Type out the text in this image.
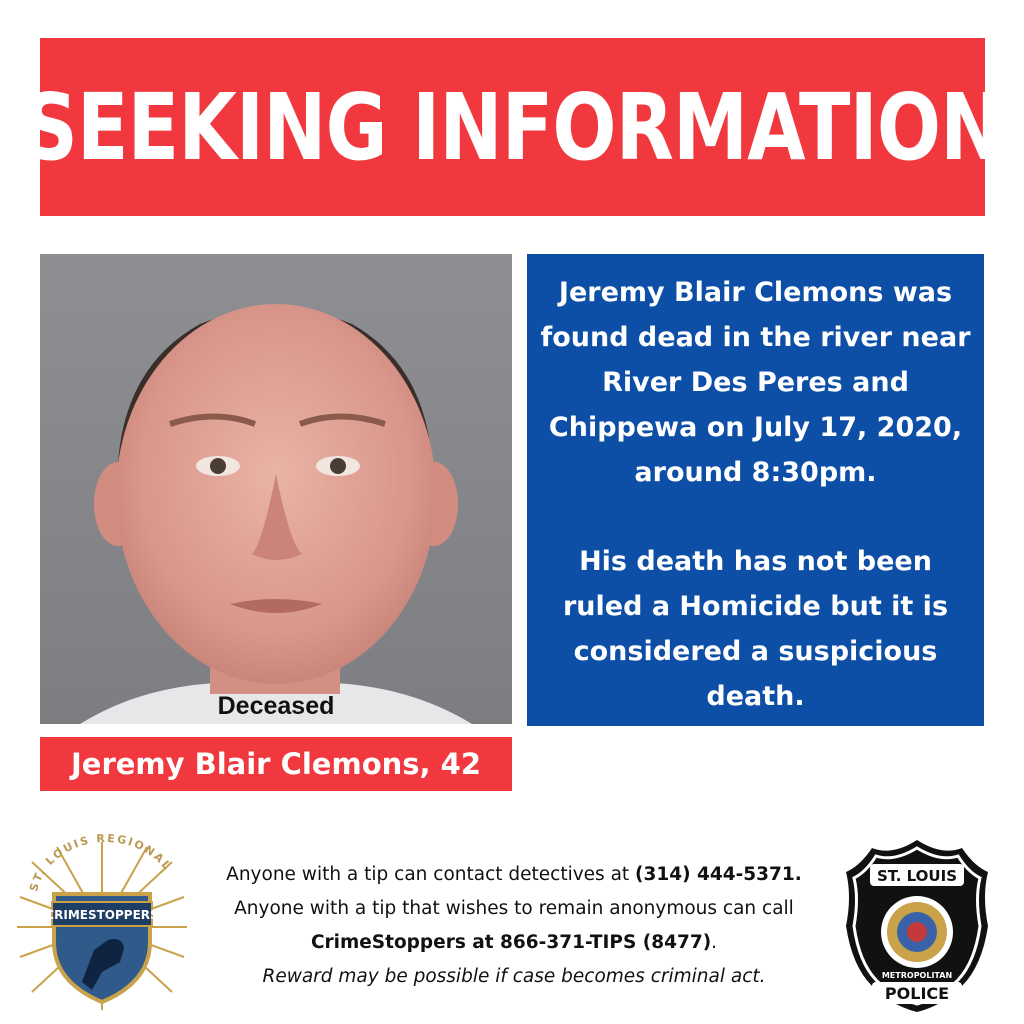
SEEKING INFORMATION
Deceased
Jeremy Blair Clemons, 42

Jeremy Blair Clemons was found dead in the river near River Des Peres and Chippewa on July 17, 2020, around 8:30pm.

His death has not been ruled a Homicide but it is considered a suspicious death.

ST. LOUIS REGIONAL
CRIMESTOPPERS
Anyone with a tip can contact detectives at (314) 444-5371.
Anyone with a tip that wishes to remain anonymous can call
CrimeStoppers at 866-371-TIPS (8477).
Reward may be possible if case becomes criminal act.
ST. LOUIS
METROPOLITAN
POLICE
